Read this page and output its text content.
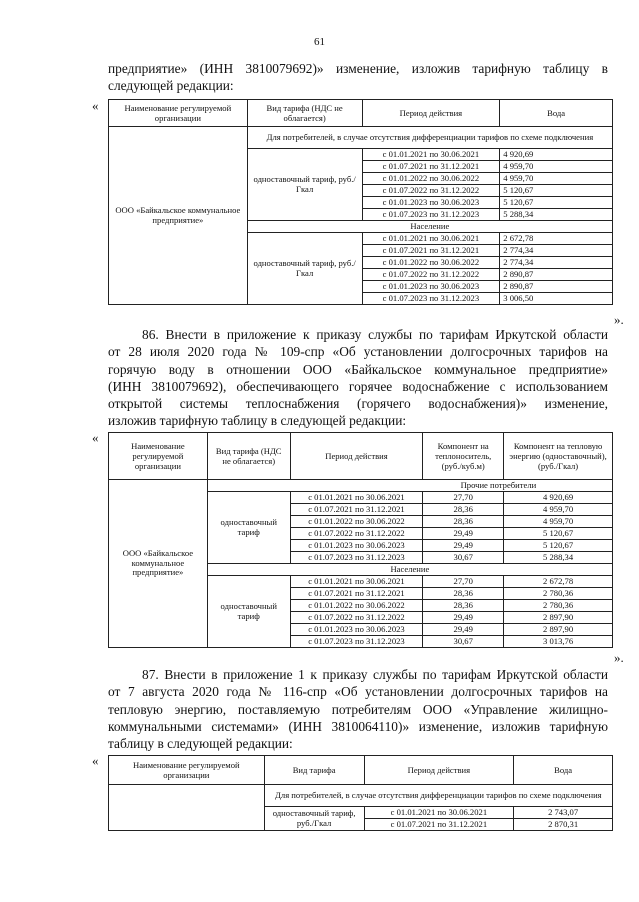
61
предприятие» (ИНН 3810079692)» изменение, изложив тарифную таблицу в
следующей редакции:
«	Наименование регулируемой организации	Вид тарифа (НДС не облагается)	Период действия	Вода
ООО «Байкальское коммунальное предприятие»	Для потребителей, в случае отсутствия дифференциации тарифов по схеме подключения		
	одноставочный тариф, руб./Гкал	с 01.01.2021 по 30.06.2021	4 920,69
		с 01.07.2021 по 31.12.2021	4 959,70
		с 01.01.2022 по 30.06.2022	4 959,70
		с 01.07.2022 по 31.12.2022	5 120,67
		с 01.01.2023 по 30.06.2023	5 120,67
		с 01.07.2023 по 31.12.2023	5 288,34
	Население		
	одноставочный тариф, руб./Гкал	с 01.01.2021 по 30.06.2021	2 672,78
		с 01.07.2021 по 31.12.2021	2 774,34
		с 01.01.2022 по 30.06.2022	2 774,34
		с 01.07.2022 по 31.12.2022	2 890,87
		с 01.01.2023 по 30.06.2023	2 890,87
		с 01.07.2023 по 31.12.2023	3 006,50
».
86. Внести в приложение к приказу службы по тарифам Иркутской области
от 28 июля 2020 года № 109-спр «Об установлении долгосрочных тарифов на
горячую воду в отношении ООО «Байкальское коммунальное предприятие»
(ИНН 3810079692), обеспечивающего горячее водоснабжение с использованием
открытой системы теплоснабжения (горячего водоснабжения)» изменение,
изложив тарифную таблицу в следующей редакции:
«
Наименование регулируемой организации	Вид тарифа (НДС не облагается)	Период действия	Компонент на теплоноситель, (руб./куб.м)	Компонент на тепловую энергию (одноставочный), (руб./Гкал)
ООО «Байкальское коммунальное предприятие»	Прочие потребители			
	одноставочный тариф	с 01.01.2021 по 30.06.2021	27,70	4 920,69
		с 01.07.2021 по 31.12.2021	28,36	4 959,70
		с 01.01.2022 по 30.06.2022	28,36	4 959,70
		с 01.07.2022 по 31.12.2022	29,49	5 120,67
		с 01.01.2023 по 30.06.2023	29,49	5 120,67
		с 01.07.2023 по 31.12.2023	30,67	5 288,34
	Население			
	одноставочный тариф	с 01.01.2021 по 30.06.2021	27,70	2 672,78
		с 01.07.2021 по 31.12.2021	28,36	2 780,36
		с 01.01.2022 по 30.06.2022	28,36	2 780,36
		с 01.07.2022 по 31.12.2022	29,49	2 897,90
		с 01.01.2023 по 30.06.2023	29,49	2 897,90
		с 01.07.2023 по 31.12.2023	30,67	3 013,76
».
87. Внести в приложение 1 к приказу службы по тарифам Иркутской области
от 7 августа 2020 года № 116-спр «Об установлении долгосрочных тарифов на
тепловую энергию, поставляемую потребителям ООО «Управление жилищно-
коммунальными системами» (ИНН 3810064110)» изменение, изложив тарифную
таблицу в следующей редакции:
«	Наименование регулируемой организации	Вид тарифа	Период действия	Вода
	Для потребителей, в случае отсутствия дифференциации тарифов по схеме подключения		
	одноставочный тариф, руб./Гкал	с 01.01.2021 по 30.06.2021	2 743,07
		с 01.07.2021 по 31.12.2021	2 870,31
